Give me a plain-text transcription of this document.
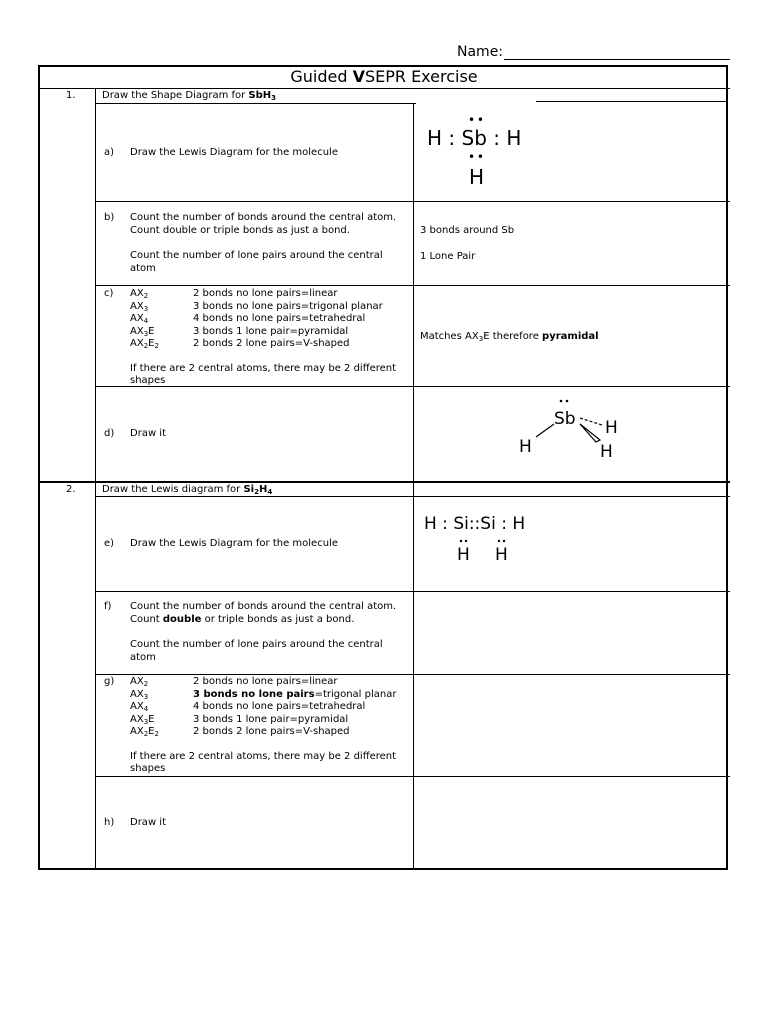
Name:
Guided VSEPR Exercise
1.	Draw the Shape Diagram for SbH$_3$
a) Draw the Lewis Diagram for the molecule
• •
H : Sb : H
• •
H
b) Count the number of bonds around the central atom.
Count double or triple bonds as just a bond.
Count the number of lone pairs around the central
atom
3 bonds around Sb
1 Lone Pair
c) $AX_2$	2 bonds no lone pairs=linear
$AX_3$	3 bonds no lone pairs=trigonal planar
$AX_4$	4 bonds no lone pairs=tetrahedral
$AX_3E$	3 bonds 1 lone pair=pyramidal
$AX_2E_2$	2 bonds 2 lone pairs=V-shaped
If there are 2 central atoms, there may be 2 different
shapes
Matches $AX_3E$ therefore pyramidal
d) Draw it
Sb
H
H
H
2.	Draw the Lewis diagram for $Si_2H_4$
e) Draw the Lewis Diagram for the molecule
H : Si::Si : H
H H
f) Count the number of bonds around the central atom.
Count double or triple bonds as just a bond.
Count the number of lone pairs around the central
atom
g) $AX_2$	2 bonds no lone pairs=linear
$AX_3$	3 bonds no lone pairs=trigonal planar
$AX_4$	4 bonds no lone pairs=tetrahedral
$AX_3E$	3 bonds 1 lone pair=pyramidal
$AX_2E_2$	2 bonds 2 lone pairs=V-shaped
If there are 2 central atoms, there may be 2 different
shapes
h) Draw it
